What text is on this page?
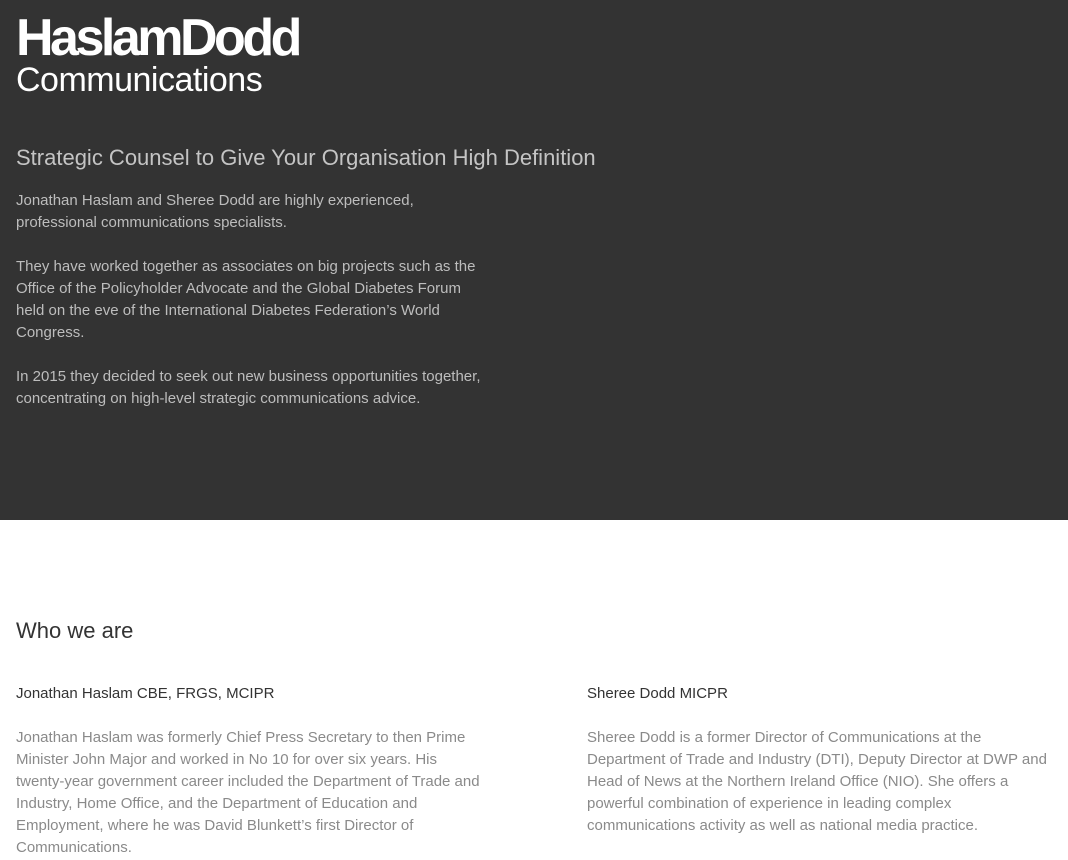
HaslamDodd
Communications
Strategic Counsel to Give Your Organisation High Definition

Jonathan Haslam and Sheree Dodd are highly experienced, professional communications specialists.

They have worked together as associates on big projects such as the Office of the Policyholder Advocate and the Global Diabetes Forum held on the eve of the International Diabetes Federation’s World Congress.

In 2015 they decided to seek out new business opportunities together, concentrating on high-level strategic communications advice.

Who we are
Jonathan Haslam CBE, FRGS, MCIPR

Jonathan Haslam was formerly Chief Press Secretary to then Prime Minister John Major and worked in No 10 for over six years. His twenty-year government career included the Department of Trade and Industry, Home Office, and the Department of Education and Employment, where he was David Blunkett’s first Director of Communications.

Sheree Dodd MICPR

Sheree Dodd is a former Director of Communications at the Department of Trade and Industry (DTI), Deputy Director at DWP and Head of News at the Northern Ireland Office (NIO). She offers a powerful combination of experience in leading complex communications activity as well as national media practice.
